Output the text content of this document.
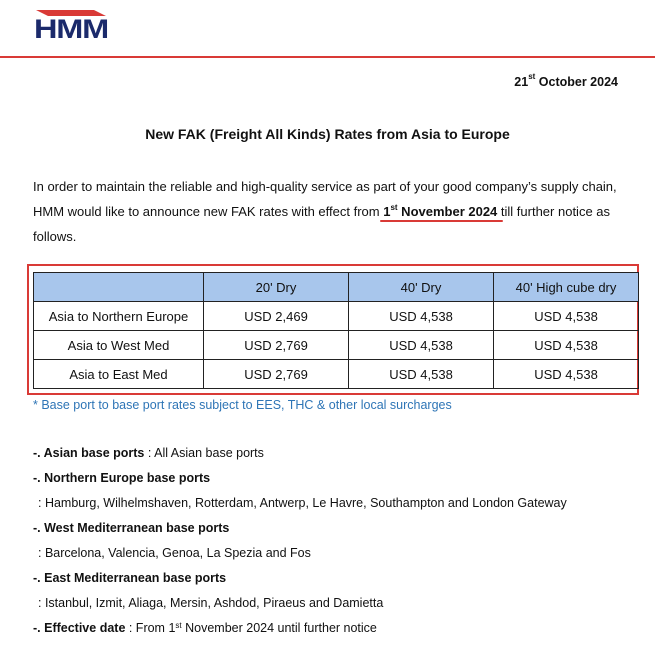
HMM
21st October 2024
New FAK (Freight All Kinds) Rates from Asia to Europe
In order to maintain the reliable and high-quality service as part of your good company’s supply chain, HMM would like to announce new FAK rates with effect from 1st November 2024
till further notice as follows.
	20' Dry	40' Dry	40' High cube dry
Asia to Northern Europe	USD 2,469	USD 4,538	USD 4,538
Asia to West Med	USD 2,769	USD 4,538	USD 4,538
Asia to East Med	USD 2,769	USD 4,538	USD 4,538
* Base port to base port rates subject to EES, THC & other local surcharges
-. Asian base ports : All Asian base ports
-. Northern Europe base ports
: Hamburg, Wilhelmshaven, Rotterdam, Antwerp, Le Havre, Southampton and London Gateway
-. West Mediterranean base ports
: Barcelona, Valencia, Genoa, La Spezia and Fos
-. East Mediterranean base ports
: Istanbul, Izmit, Aliaga, Mersin, Ashdod, Piraeus and Damietta
-. Effective date : From 1st November 2024 until further notice
